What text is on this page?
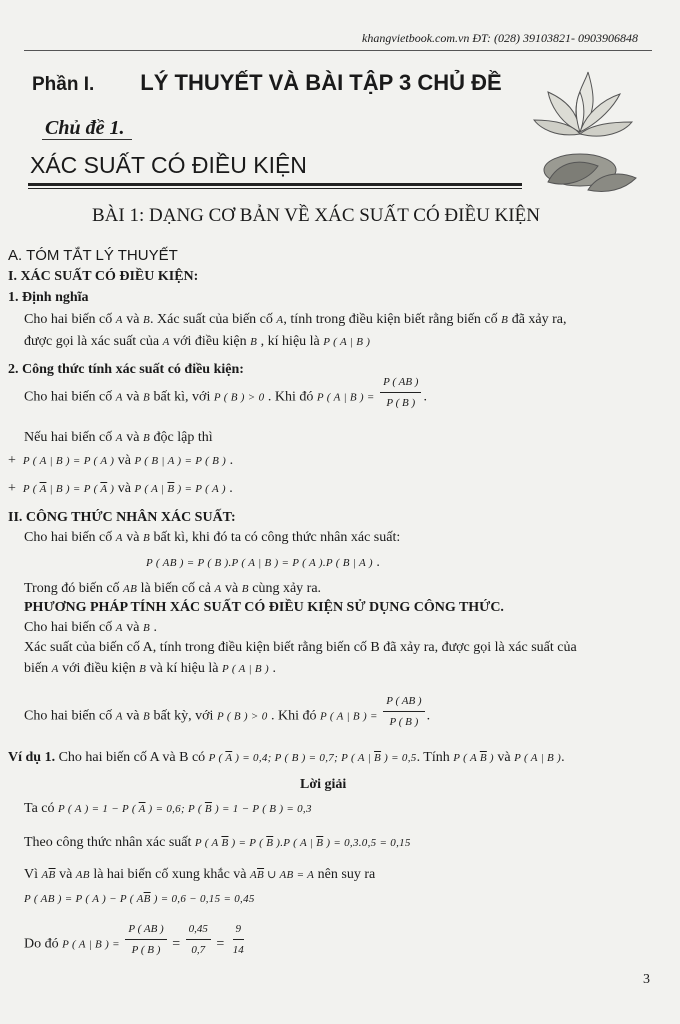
khangvietbook.com.vn ĐT: (028) 39103821- 0903906848
Phần I. LÝ THUYẾT VÀ BÀI TẬP 3 CHỦ ĐỀ
Chủ đề 1.
XÁC SUẤT CÓ ĐIỀU KIỆN
BÀI 1: DẠNG CƠ BẢN VỀ XÁC SUẤT CÓ ĐIỀU KIỆN
A. TÓM TẮT LÝ THUYẾT
I. XÁC SUẤT CÓ ĐIỀU KIỆN:
1. Định nghĩa
Cho hai biến cố A và B. Xác suất của biến cố A, tính trong điều kiện biết rằng biến cố B đã xảy ra,
được gọi là xác suất của A với điều kiện B , kí hiệu là P ( A | B )
2. Công thức tính xác suất có điều kiện:
Cho hai biến cố A và B bất kì, với P ( B ) > 0 . Khi đó P ( A | B ) = $\frac{P ( AB )}{P ( B )}$ .
Nếu hai biến cố A và B độc lập thì
+  P ( A | B ) = P ( A ) và P ( B | A ) = P ( B ) .
+  P ( $\overline{A}$ | B ) = P ( $\overline{A}$ ) và P ( A | $\overline{B}$ ) = P ( A ) .
II. CÔNG THỨC NHÂN XÁC SUẤT:
Cho hai biến cố A và B bất kì, khi đó ta có công thức nhân xác suất:
P ( AB ) = P ( B ).P ( A | B ) = P ( A ).P ( B | A ) .
Trong đó biến cố AB là biến cố cả A và B cùng xảy ra.
PHƯƠNG PHÁP TÍNH XÁC SUẤT CÓ ĐIỀU KIỆN SỬ DỤNG CÔNG THỨC.
Cho hai biến cố A và B .
Xác suất của biến cố A, tính trong điều kiện biết rằng biến cố B đã xảy ra, được gọi là xác suất của
biến A với điều kiện B và kí hiệu là P ( A | B ) .
Cho hai biến cố A và B bất kỳ, với P ( B ) > 0 . Khi đó P ( A | B ) = $\frac{P ( AB )}{P ( B )}$ .
Ví dụ 1. Cho hai biến cố A và B có P ( $\overline{A}$ ) = 0,4; P ( B ) = 0,7; P ( A | $\overline{B}$ ) = 0,5. Tính P ( A $\overline{B}$ ) và P ( A | B ).
Lời giải
Ta có P ( A ) = 1 − P ( $\overline{A}$ ) = 0,6; P ( $\overline{B}$ ) = 1 − P ( B ) = 0,3
Theo công thức nhân xác suất P ( A $\overline{B}$ ) = P ( $\overline{B}$ ).P ( A | $\overline{B}$ ) = 0,3.0,5 = 0,15
Vì $A\overline{B}$ và AB là hai biến cố xung khắc và $A\overline{B}$ ∪ AB = A nên suy ra
P ( AB ) = P ( A ) − P ( $A\overline{B}$ ) = 0,6 − 0,15 = 0,45
Do đó P ( A | B ) = $\frac{P ( AB )}{P ( B )} = \frac{0,45}{0,7} = \frac{9}{14}$
3
